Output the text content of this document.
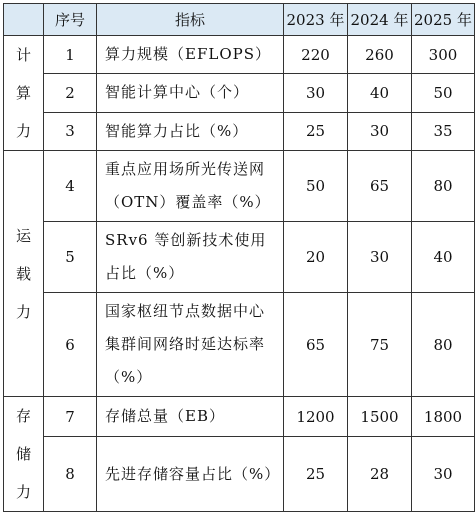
	序号	指标	2023 年	2024 年	2025 年

计
算
力	1	算力规模（EFLOPS）	220	260	300
	2	智能计算中心（个）	30	40	50
	3	智能算力占比（%）	25	30	35

运
载
力	4	重点应用场所光传送网（OTN）覆盖率（%）	50	65	80
	5	SRv6 等创新技术使用占比（%）	20	30	40
	6	国家枢纽节点数据中心集群间网络时延达标率（%）	65	75	80

存
储
力	7	存储总量（EB）	1200	1500	1800
	8	先进存储容量占比（%）	25	28	30
